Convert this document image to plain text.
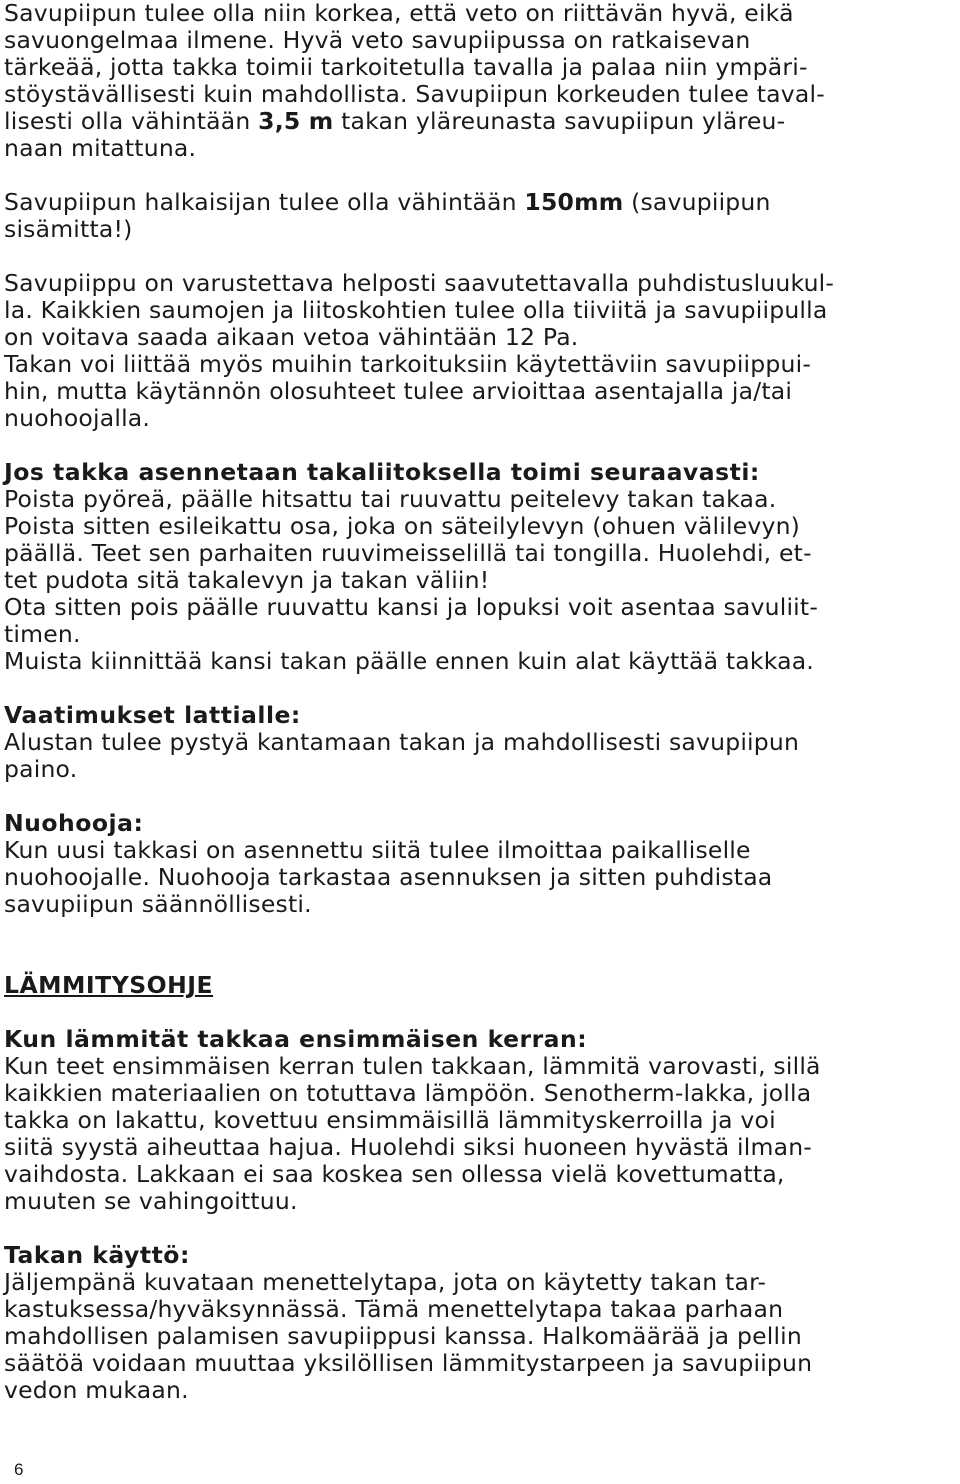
Savupiipun tulee olla niin korkea, että veto on riittävän hyvä, eikä
savuongelmaa ilmene. Hyvä veto savupiipussa on ratkaisevan
tärkeää, jotta takka toimii tarkoitetulla tavalla ja palaa niin ympäri-
stöystävällisesti kuin mahdollista. Savupiipun korkeuden tulee taval-
lisesti olla vähintään 3,5 m takan yläreunasta savupiipun yläreu-
naan mitattuna.
Savupiipun halkaisijan tulee olla vähintään 150mm (savupiipun
sisämitta!)
Savupiippu on varustettava helposti saavutettavalla puhdistusluukul-
la. Kaikkien saumojen ja liitoskohtien tulee olla tiiviitä ja savupiipulla
on voitava saada aikaan vetoa vähintään 12 Pa.
Takan voi liittää myös muihin tarkoituksiin käytettäviin savupiippui-
hin, mutta käytännön olosuhteet tulee arvioittaa asentajalla ja/tai
nuohoojalla.
Jos takka asennetaan takaliitoksella toimi seuraavasti:
Poista pyöreä, päälle hitsattu tai ruuvattu peitelevy takan takaa.
Poista sitten esileikattu osa, joka on säteilylevyn (ohuen välilevyn)
päällä. Teet sen parhaiten ruuvimeisselillä tai tongilla. Huolehdi, et-
tet pudota sitä takalevyn ja takan väliin!
Ota sitten pois päälle ruuvattu kansi ja lopuksi voit asentaa savuliit-
timen.
Muista kiinnittää kansi takan päälle ennen kuin alat käyttää takkaa.
Vaatimukset lattialle:
Alustan tulee pystyä kantamaan takan ja mahdollisesti savupiipun
paino.
Nuohooja:
Kun uusi takkasi on asennettu siitä tulee ilmoittaa paikalliselle
nuohoojalle. Nuohooja tarkastaa asennuksen ja sitten puhdistaa
savupiipun säännöllisesti.
LÄMMITYSOHJE
Kun lämmität takkaa ensimmäisen kerran:
Kun teet ensimmäisen kerran tulen takkaan, lämmitä varovasti, sillä
kaikkien materiaalien on totuttava lämpöön. Senotherm-lakka, jolla
takka on lakattu, kovettuu ensimmäisillä lämmityskerroilla ja voi
siitä syystä aiheuttaa hajua. Huolehdi siksi huoneen hyvästä ilman-
vaihdosta. Lakkaan ei saa koskea sen ollessa vielä kovettumatta,
muuten se vahingoittuu.
Takan käyttö:
Jäljempänä kuvataan menettelytapa, jota on käytetty takan tar-
kastuksessa/hyväksynnässä. Tämä menettelytapa takaa parhaan
mahdollisen palamisen savupiippusi kanssa. Halkomäärää ja pellin
säätöä voidaan muuttaa yksilöllisen lämmitystarpeen ja savupiipun
vedon mukaan.
6
